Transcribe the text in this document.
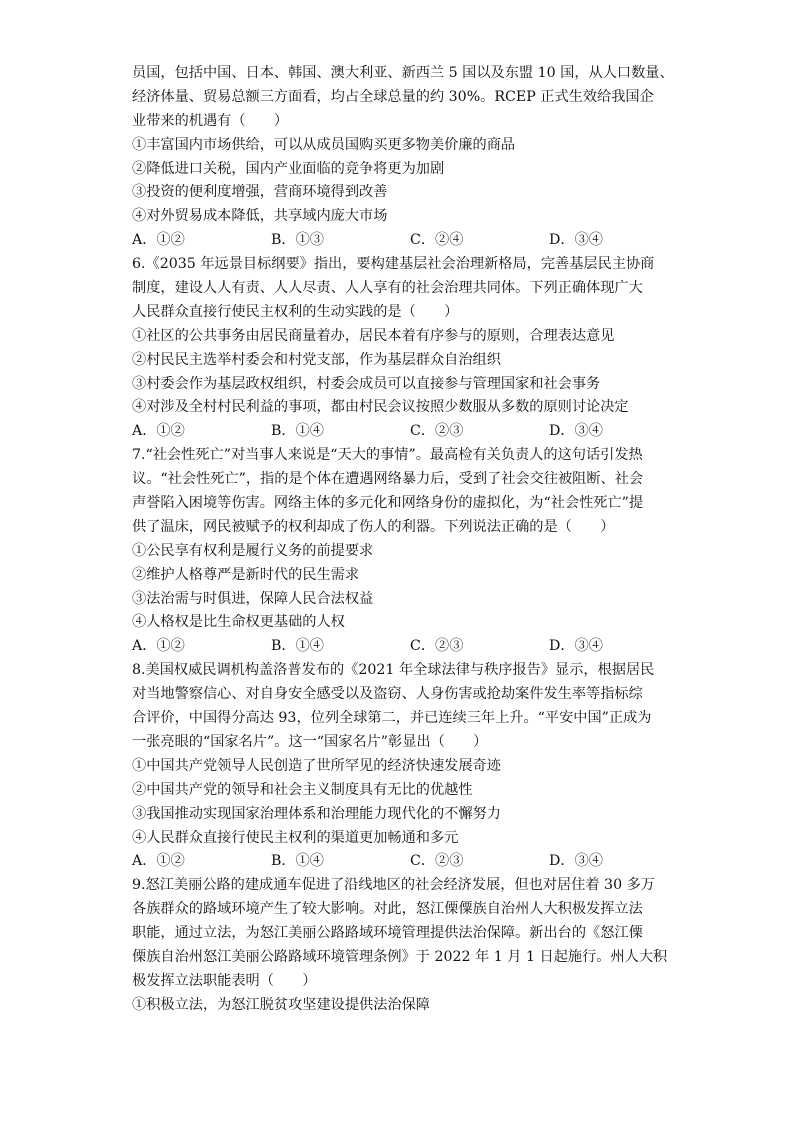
员国，包括中国、日本、韩国、澳大利亚、新西兰 5 国以及东盟 10 国，从人口数量、
经济体量、贸易总额三方面看，均占全球总量的约 30%。RCEP 正式生效给我国企
业带来的机遇有（　　）
①丰富国内市场供给，可以从成员国购买更多物美价廉的商品
②降低进口关税，国内产业面临的竞争将更为加剧
③投资的便利度增强，营商环境得到改善
④对外贸易成本降低，共享域内庞大市场
A．①②	B．①③	C．②④	D．③④
6.《2035 年远景目标纲要》指出，要构建基层社会治理新格局，完善基层民主协商
制度，建设人人有责、人人尽责、人人享有的社会治理共同体。下列正确体现广大
人民群众直接行使民主权利的生动实践的是（　　）
①社区的公共事务由居民商量着办，居民本着有序参与的原则，合理表达意见
②村民民主选举村委会和村党支部，作为基层群众自治组织
③村委会作为基层政权组织，村委会成员可以直接参与管理国家和社会事务
④对涉及全村村民利益的事项，都由村民会议按照少数服从多数的原则讨论决定
A．①②	B．①④	C．②③	D．③④
7.“社会性死亡”对当事人来说是“天大的事情”。最高检有关负责人的这句话引发热
议。“社会性死亡”，指的是个体在遭遇网络暴力后，受到了社会交往被阻断、社会
声誉陷入困境等伤害。网络主体的多元化和网络身份的虚拟化，为“社会性死亡”提
供了温床，网民被赋予的权利却成了伤人的利器。下列说法正确的是（　　）
①公民享有权利是履行义务的前提要求
②维护人格尊严是新时代的民生需求
③法治需与时俱进，保障人民合法权益
④人格权是比生命权更基础的人权
A．①②	B．①④	C．②③	D．③④
8.美国权威民调机构盖洛普发布的《2021 年全球法律与秩序报告》显示，根据居民
对当地警察信心、对自身安全感受以及盗窃、人身伤害或抢劫案件发生率等指标综
合评价，中国得分高达 93，位列全球第二，并已连续三年上升。“平安中国”正成为
一张亮眼的“国家名片”。这一“国家名片”彰显出（　　）
①中国共产党领导人民创造了世所罕见的经济快速发展奇迹
②中国共产党的领导和社会主义制度具有无比的优越性
③我国推动实现国家治理体系和治理能力现代化的不懈努力
④人民群众直接行使民主权利的渠道更加畅通和多元
A．①②	B．①④	C．②③	D．③④
9.怒江美丽公路的建成通车促进了沿线地区的社会经济发展，但也对居住着 30 多万
各族群众的路域环境产生了较大影响。对此，怒江傈僳族自治州人大积极发挥立法
职能，通过立法，为怒江美丽公路路域环境管理提供法治保障。新出台的《怒江傈
傈族自治州怒江美丽公路路域环境管理条例》于 2022 年 1 月 1 日起施行。州人大积
极发挥立法职能表明（　　）
①积极立法，为怒江脱贫攻坚建设提供法治保障
